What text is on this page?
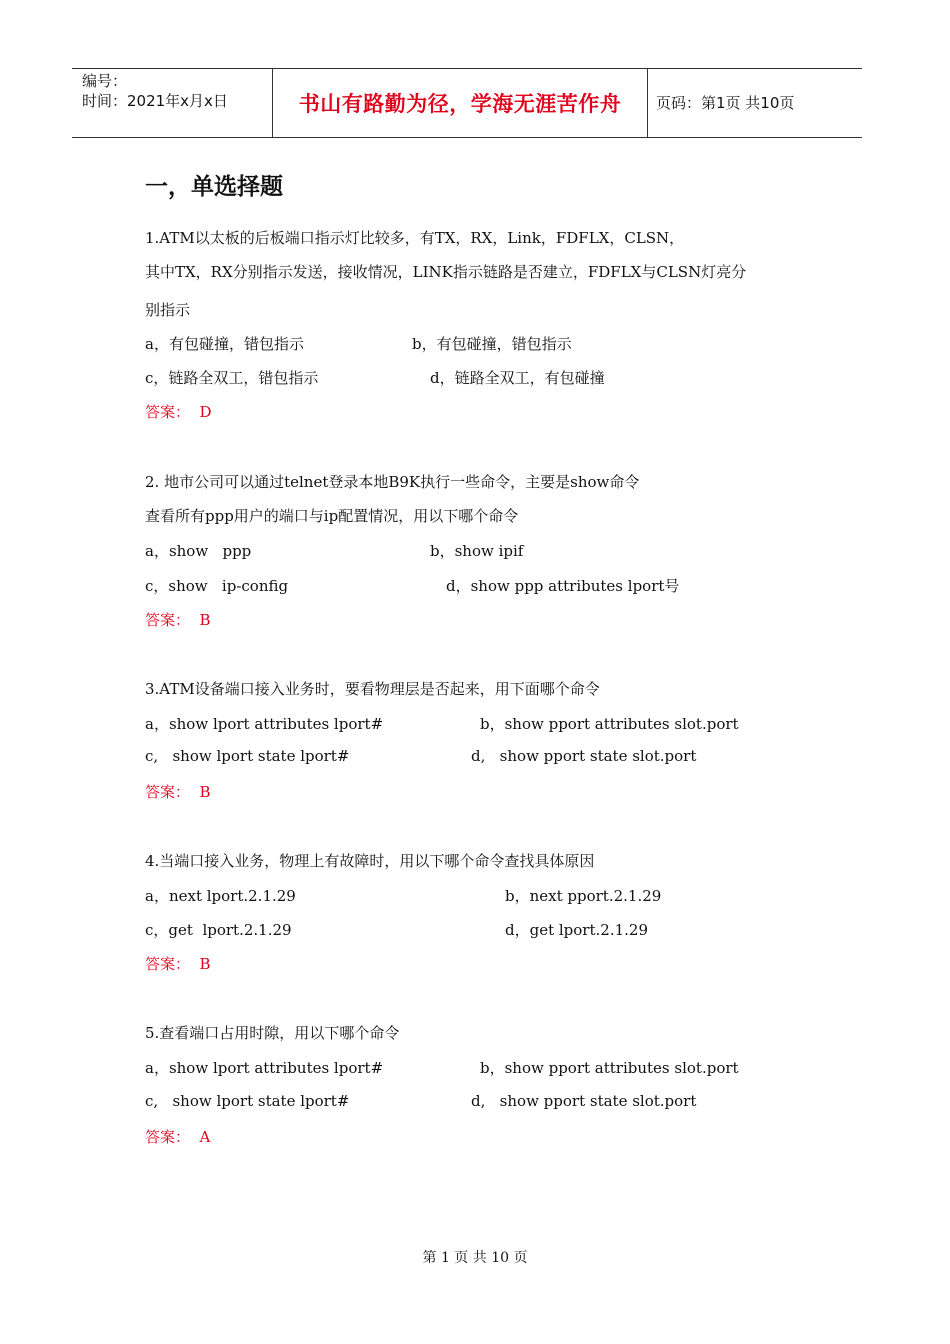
编号：
时间：2021年x月x日	书山有路勤为径，学海无涯苦作舟	页码：第1页 共10页
一，单选择题
1.ATM以太板的后板端口指示灯比较多，有TX，RX，Link，FDFLX，CLSN，
其中TX，RX分别指示发送，接收情况，LINK指示链路是否建立，FDFLX与CLSN灯亮分
别指示
a，有包碰撞，错包指示	b，有包碰撞，错包指示
c，链路全双工，错包指示	d，链路全双工，有包碰撞
答案：  D
2. 地市公司可以通过telnet登录本地B9K执行一些命令，主要是show命令
查看所有ppp用户的端口与ip配置情况，用以下哪个命令
a，show   ppp	b，show ipif
c，show   ip-config	d，show ppp attributes lport号
答案：  B
3.ATM设备端口接入业务时，要看物理层是否起来，用下面哪个命令
a，show lport attributes lport#	b，show pport attributes slot.port
c,   show lport state lport#	d,   show pport state slot.port
答案：  B
4.当端口接入业务，物理上有故障时，用以下哪个命令查找具体原因
a，next lport.2.1.29	b，next pport.2.1.29
c，get  lport.2.1.29	d，get lport.2.1.29
答案：  B
5.查看端口占用时隙，用以下哪个命令
a，show lport attributes lport#	b，show pport attributes slot.port
c,   show lport state lport#	d,   show pport state slot.port
答案：  A
第 1 页 共 10 页
